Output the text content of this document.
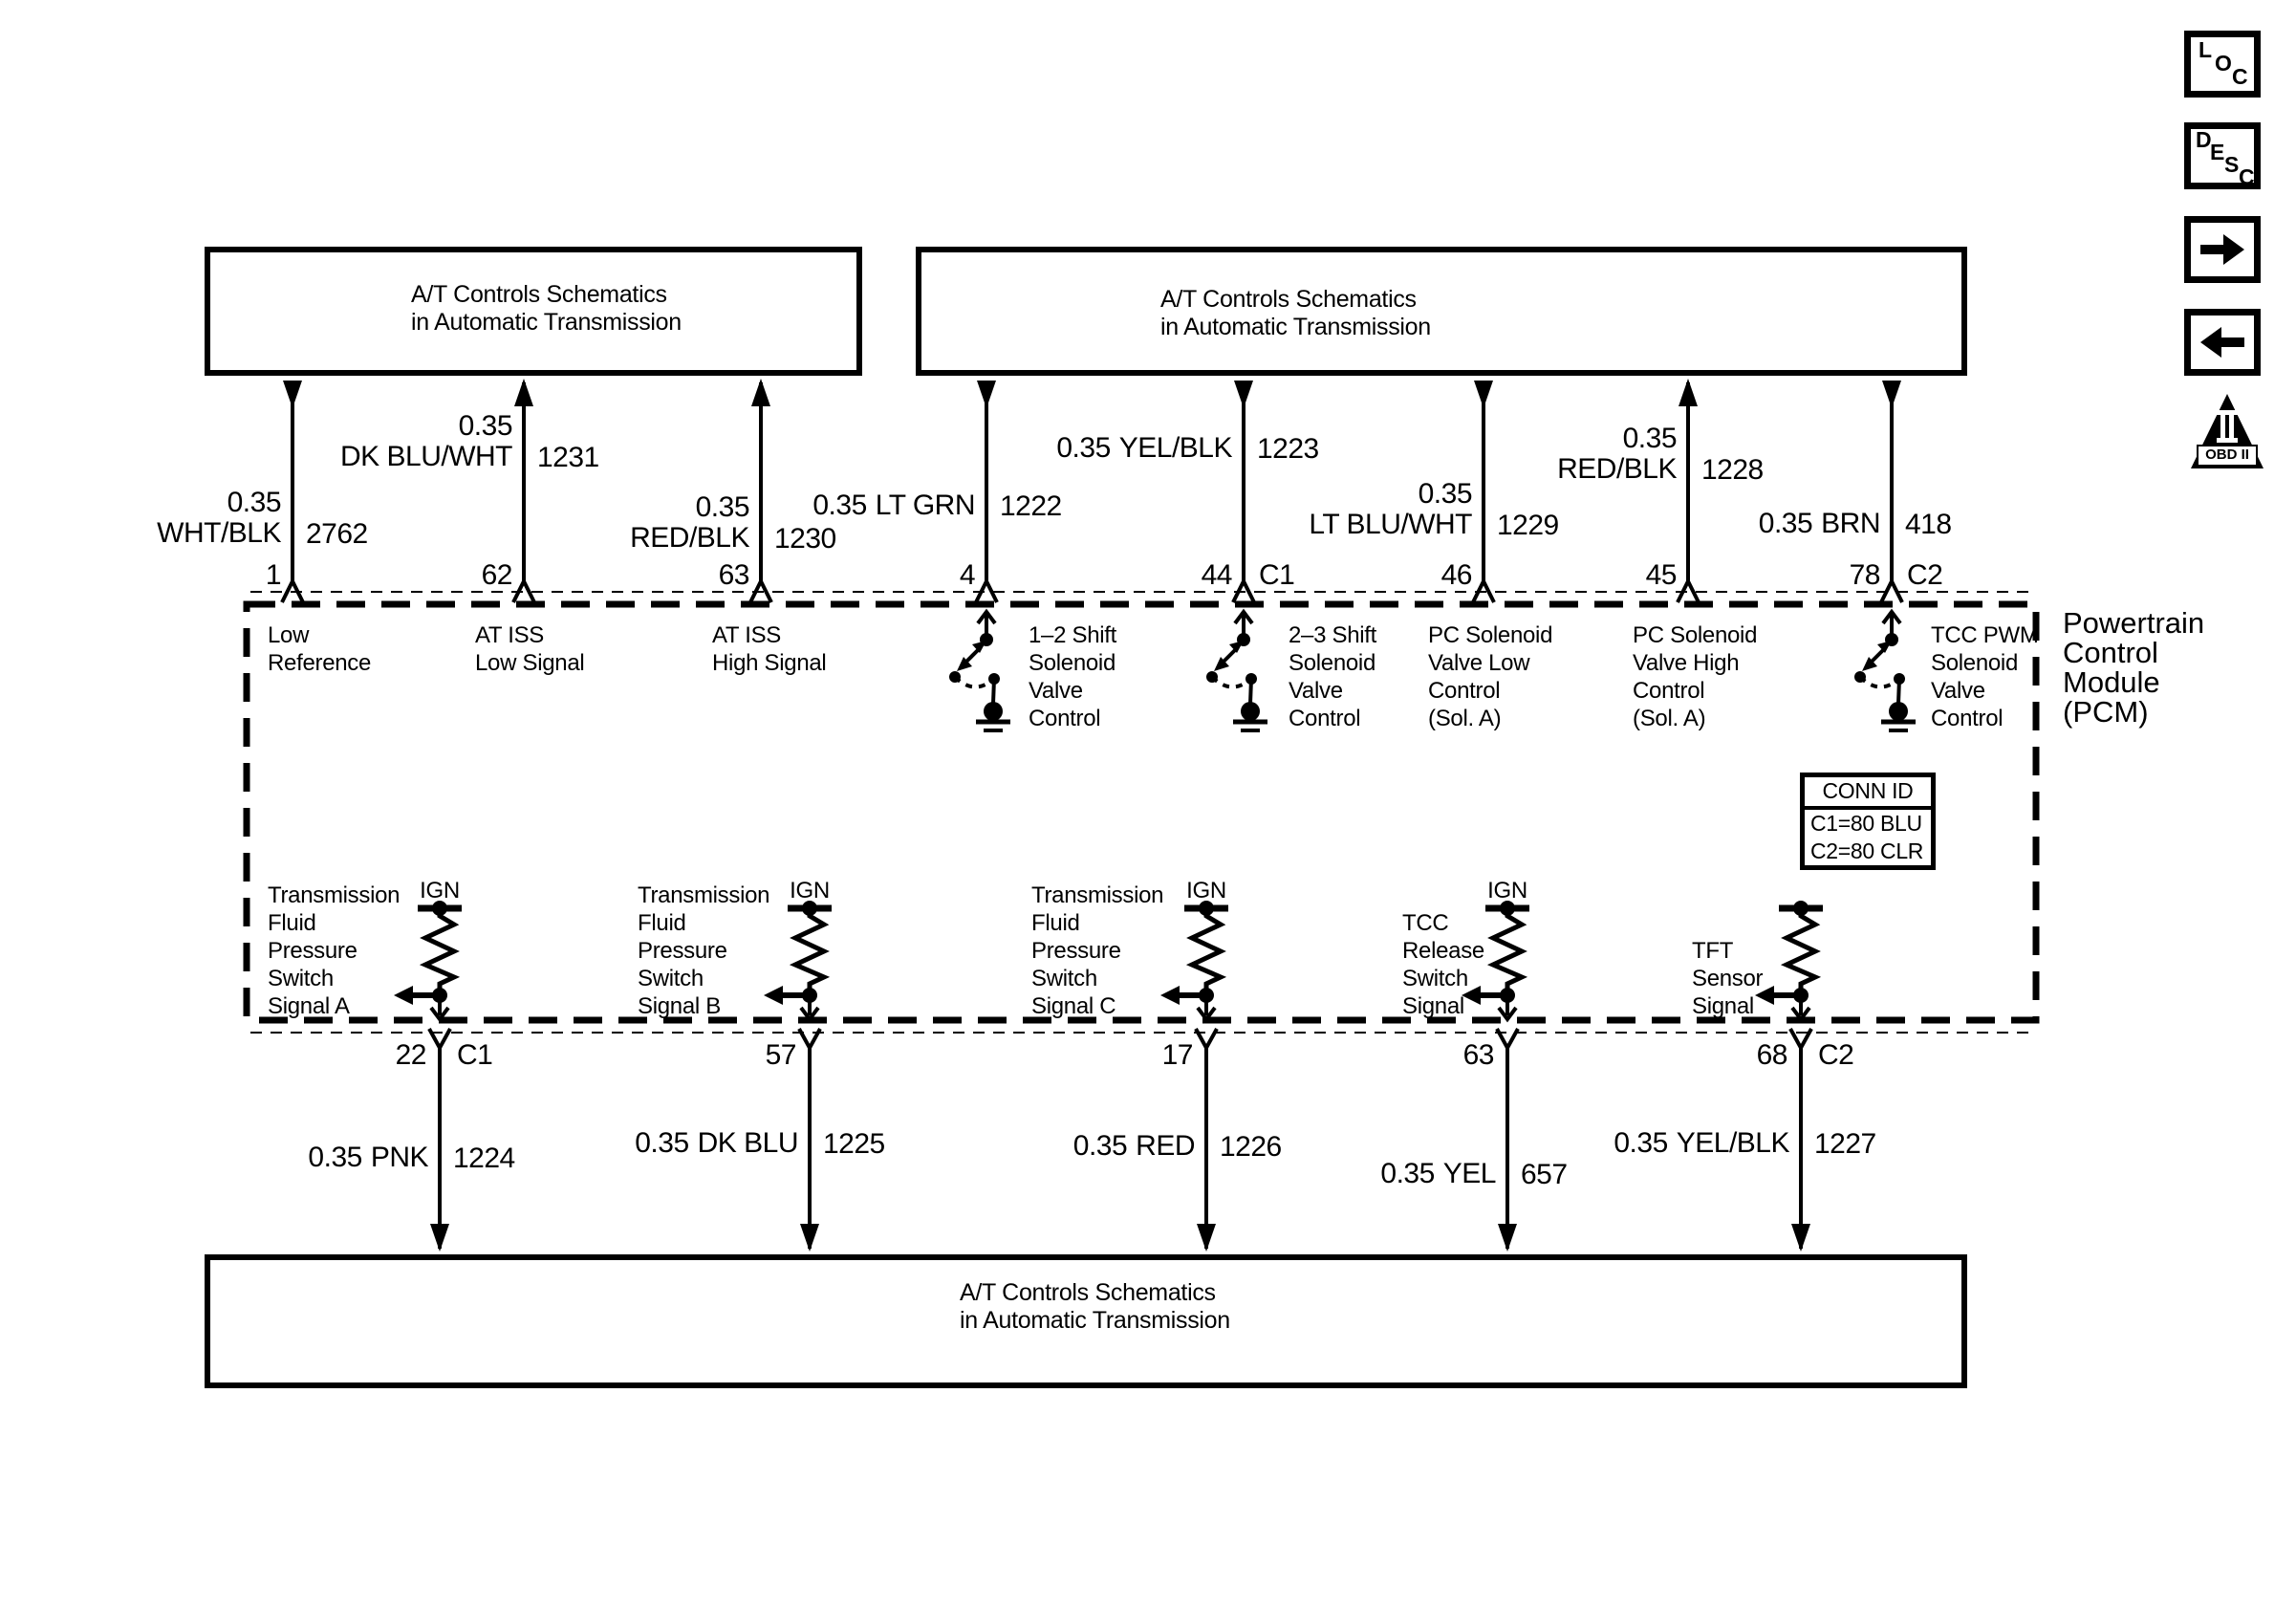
A/T Controls Schematics
in Automatic Transmission
A/T Controls Schematics
in Automatic Transmission
A/T Controls Schematics
in Automatic Transmission
0.35
WHT/BLK 2762
1
0.35
DK BLU/WHT 1231
62
0.35
RED/BLK 1230
63
0.35 LT GRN 1222
4
0.35 YEL/BLK 1223
44 C1
0.35
LT BLU/WHT 1229
46
0.35
RED/BLK 1228
45
0.35 BRN 418
78 C2
Low
Reference
AT ISS
Low Signal
AT ISS
High Signal
1–2 Shift
Solenoid
Valve
Control
2–3 Shift
Solenoid
Valve
Control
PC Solenoid
Valve Low
Control
(Sol. A)
PC Solenoid
Valve High
Control
(Sol. A)
TCC PWM
Solenoid
Valve
Control
Powertrain
Control
Module
(PCM)
CONN ID
C1=80 BLU
C2=80 CLR
Transmission
Fluid
Pressure
Switch
Signal A
Transmission
Fluid
Pressure
Switch
Signal B
Transmission
Fluid
Pressure
Switch
Signal C
TCC
Release
Switch
Signal
TFT
Sensor
Signal
IGN	IGN	IGN	IGN
22 C1
0.35 PNK 1224
57
0.35 DK BLU 1225
17
0.35 RED 1226
63
0.35 YEL 657
68 C2
0.35 YEL/BLK 1227
L
O
C
D
E S C
OBD II
